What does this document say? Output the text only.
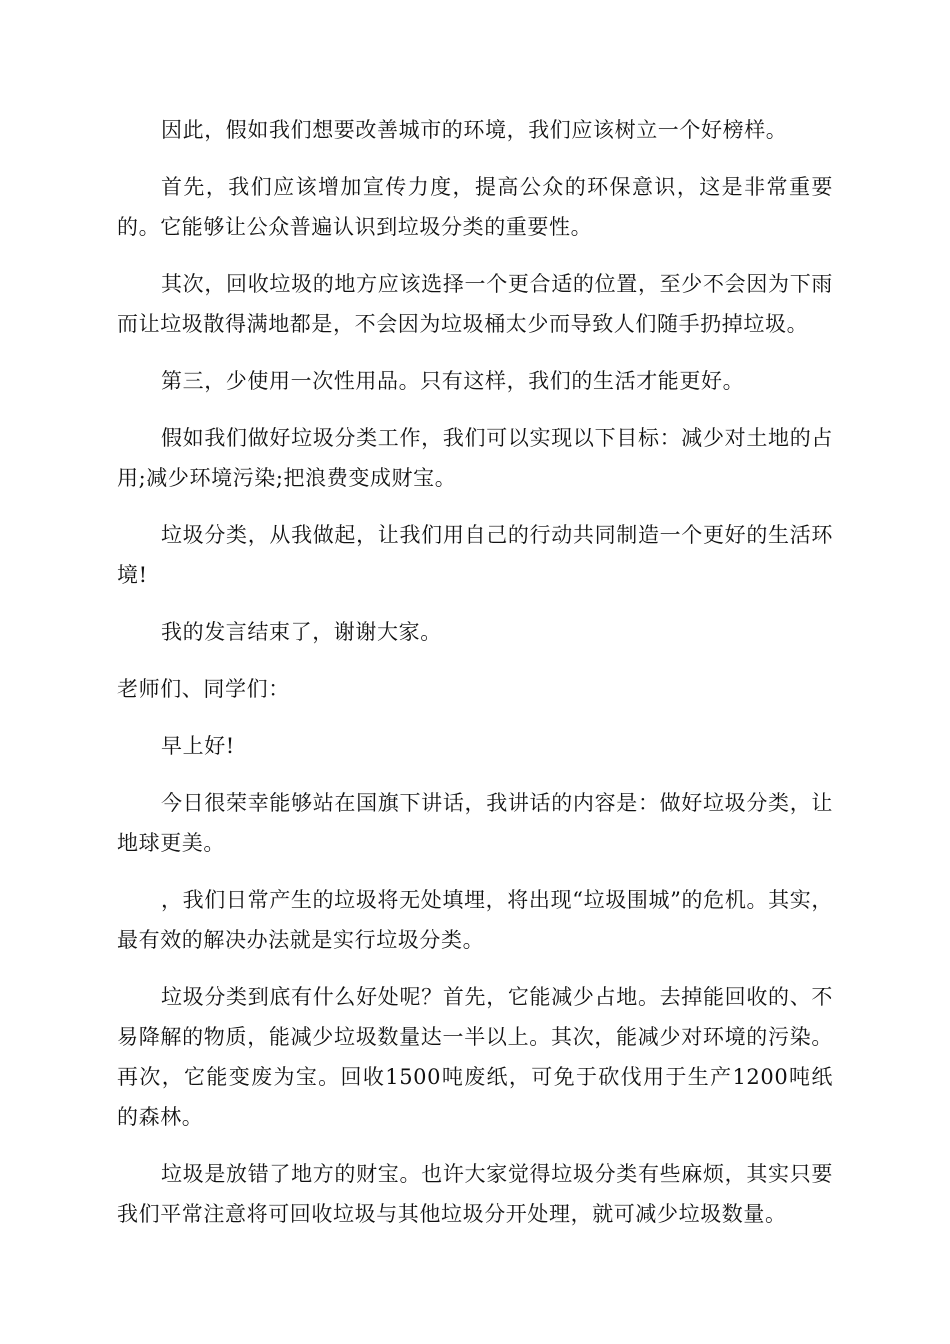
因此，假如我们想要改善城市的环境，我们应该树立一个好榜样。

首先，我们应该增加宣传力度，提高公众的环保意识，这是非常重要的。它能够让公众普遍认识到垃圾分类的重要性。

其次，回收垃圾的地方应该选择一个更合适的位置，至少不会因为下雨而让垃圾散得满地都是，不会因为垃圾桶太少而导致人们随手扔掉垃圾。

第三，少使用一次性用品。只有这样，我们的生活才能更好。

假如我们做好垃圾分类工作，我们可以实现以下目标：减少对土地的占用;减少环境污染;把浪费变成财宝。

垃圾分类，从我做起，让我们用自己的行动共同制造一个更好的生活环境!

我的发言结束了，谢谢大家。

老师们、同学们：

早上好!

今日很荣幸能够站在国旗下讲话，我讲话的内容是：做好垃圾分类，让地球更美。

，我们日常产生的垃圾将无处填埋，将出现“垃圾围城”的危机。其实，最有效的解决办法就是实行垃圾分类。

垃圾分类到底有什么好处呢？首先，它能减少占地。去掉能回收的、不易降解的物质，能减少垃圾数量达一半以上。其次，能减少对环境的污染。再次，它能变废为宝。回收1500吨废纸，可免于砍伐用于生产1200吨纸的森林。

垃圾是放错了地方的财宝。也许大家觉得垃圾分类有些麻烦，其实只要我们平常注意将可回收垃圾与其他垃圾分开处理，就可减少垃圾数量。
